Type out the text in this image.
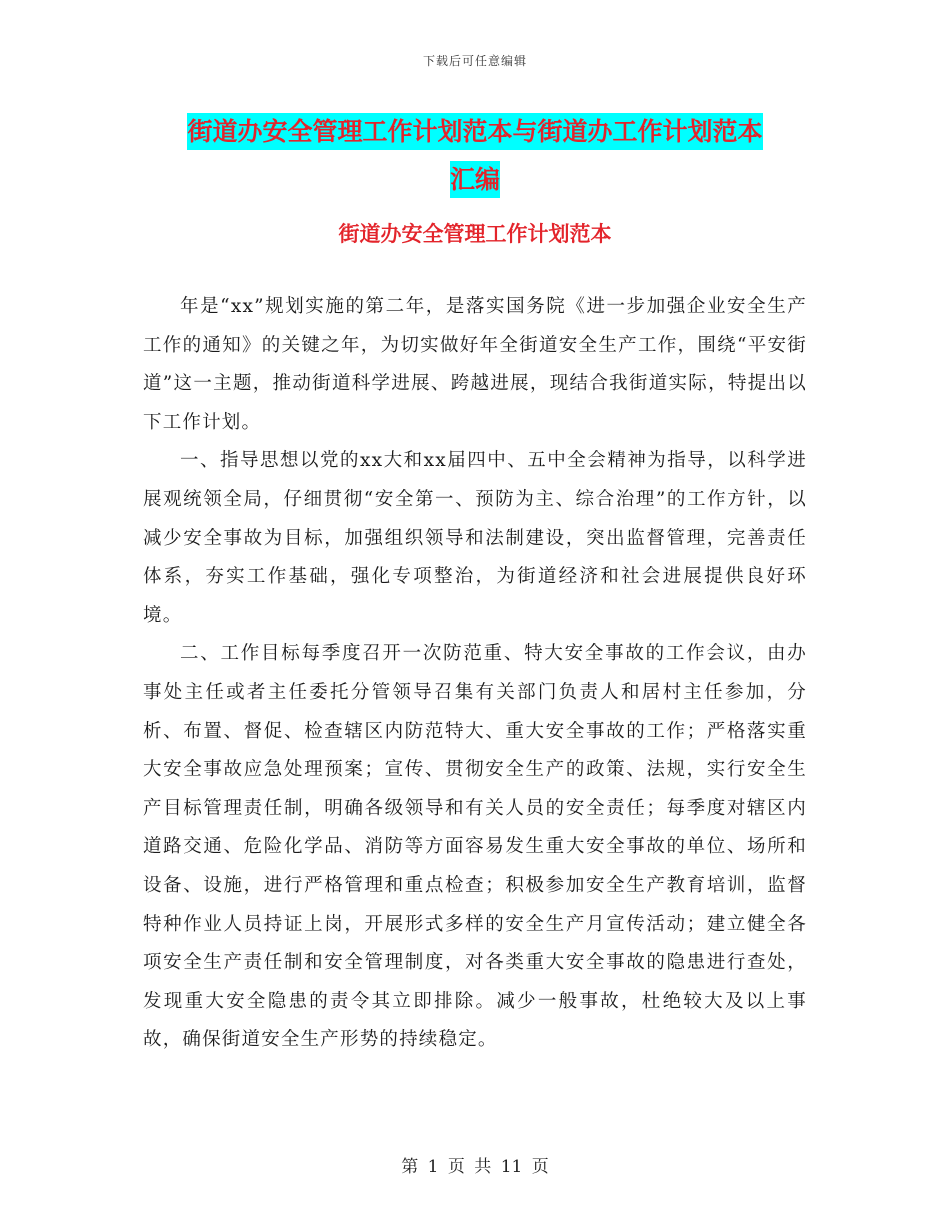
下载后可任意编辑
街道办安全管理工作计划范本与街道办工作计划范本
汇编
街道办安全管理工作计划范本

年是“xx”规划实施的第二年，是落实国务院《进一步加强企业安全生产工作的通知》的关键之年，为切实做好年全街道安全生产工作，围绕“平安街道”这一主题，推动街道科学进展、跨越进展，现结合我街道实际，特提出以下工作计划。

一、指导思想以党的xx大和xx届四中、五中全会精神为指导，以科学进展观统领全局，仔细贯彻“安全第一、预防为主、综合治理”的工作方针，以减少安全事故为目标，加强组织领导和法制建设，突出监督管理，完善责任体系，夯实工作基础，强化专项整治，为街道经济和社会进展提供良好环境。

二、工作目标每季度召开一次防范重、特大安全事故的工作会议，由办事处主任或者主任委托分管领导召集有关部门负责人和居村主任参加，分析、布置、督促、检查辖区内防范特大、重大安全事故的工作；严格落实重大安全事故应急处理预案；宣传、贯彻安全生产的政策、法规，实行安全生产目标管理责任制，明确各级领导和有关人员的安全责任；每季度对辖区内道路交通、危险化学品、消防等方面容易发生重大安全事故的单位、场所和设备、设施，进行严格管理和重点检查；积极参加安全生产教育培训，监督特种作业人员持证上岗，开展形式多样的安全生产月宣传活动；建立健全各项安全生产责任制和安全管理制度，对各类重大安全事故的隐患进行查处，发现重大安全隐患的责令其立即排除。减少一般事故，杜绝较大及以上事故，确保街道安全生产形势的持续稳定。

第 1 页 共 11 页
